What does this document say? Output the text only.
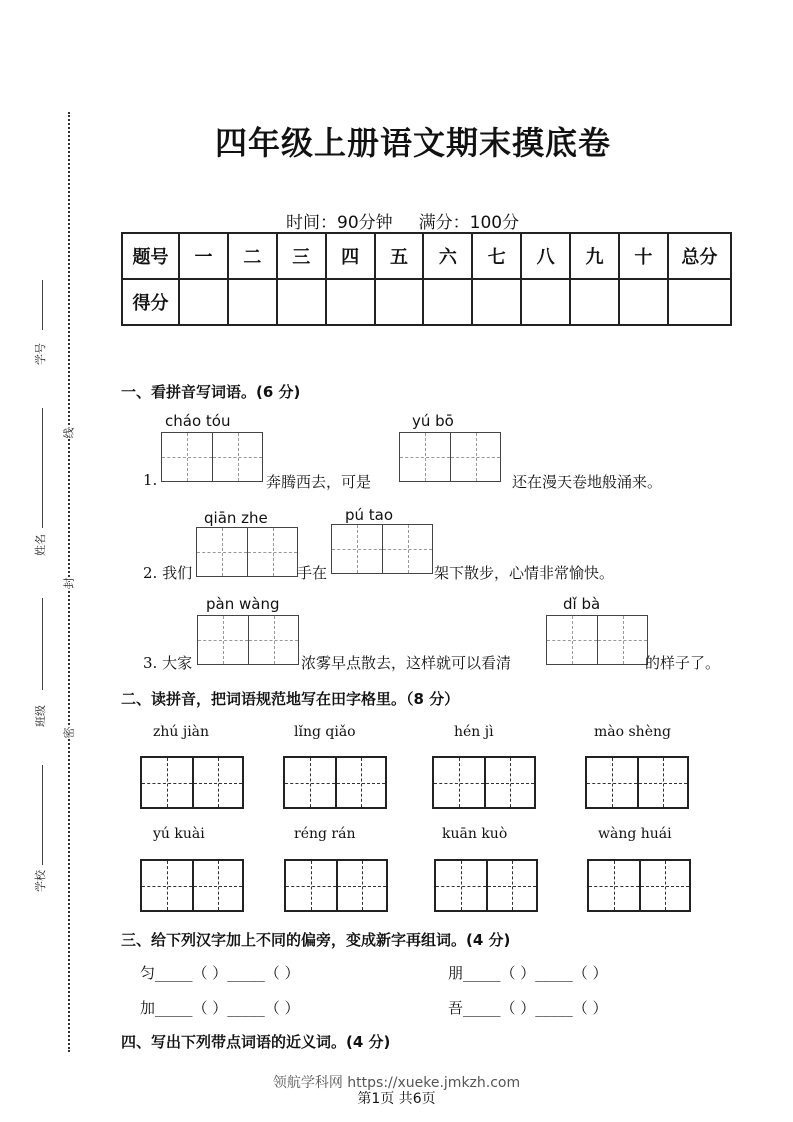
学号
姓名
班级
学校
线
封
密
四年级上册语文期末摸底卷
时间：90分钟 满分：100分
题号	一	二	三	四	五	六	七	八	九	十	总分
得分											
一、看拼音写词语。(6 分)
cháo tóu
1.	奔腾西去，可是
yú bō
还在漫天卷地般涌来。
qiān zhe
2. 我们	手在
pú tao
架下散步，心情非常愉快。
pàn wàng
3. 大家	浓雾早点散去，这样就可以看清
dǐ bà
的样子了。
二、读拼音，把词语规范地写在田字格里。（8 分）
zhú jiàn	lǐng qiǎo	hén jì	mào shèng
yú kuài	réng rán	kuān kuò	wàng huái
三、给下列汉字加上不同的偏旁，变成新字再组词。(4 分)
匀_____（ ）_____（ ）	朋_____（ ）_____（ ）
加_____（ ）_____（ ）	吾_____（ ）_____（ ）
四、写出下列带点词语的近义词。(4 分)
领航学科网 https://xueke.jmkzh.com
第1页 共6页
